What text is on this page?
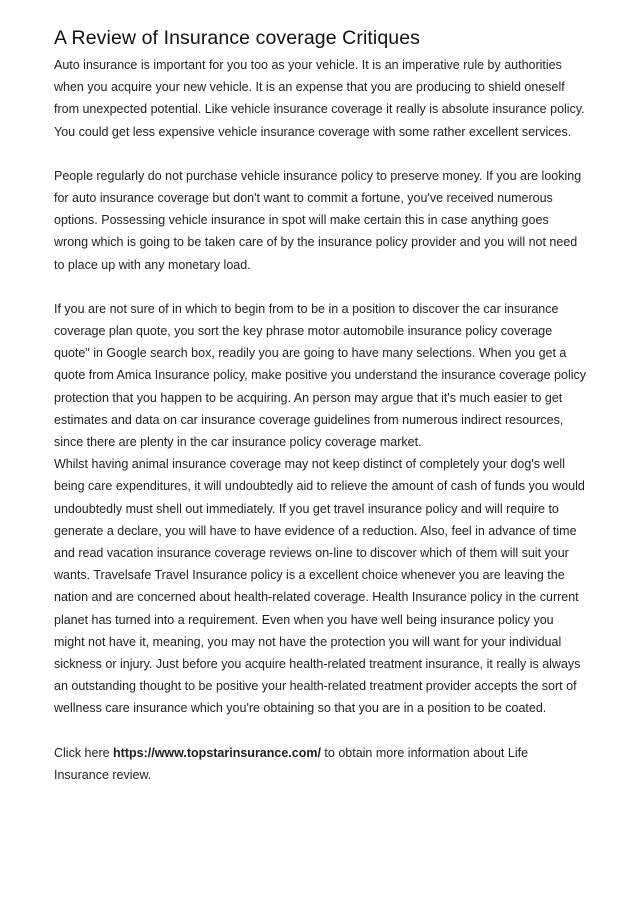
A Review of Insurance coverage Critiques

Auto insurance is important for you too as your vehicle. It is an imperative rule by authorities when you acquire your new vehicle. It is an expense that you are producing to shield oneself from unexpected potential. Like vehicle insurance coverage it really is absolute insurance policy. You could get less expensive vehicle insurance coverage with some rather excellent services.

People regularly do not purchase vehicle insurance policy to preserve money. If you are looking for auto insurance coverage but don't want to commit a fortune, you've received numerous options. Possessing vehicle insurance in spot will make certain this in case anything goes wrong which is going to be taken care of by the insurance policy provider and you will not need to place up with any monetary load.

If you are not sure of in which to begin from to be in a position to discover the car insurance coverage plan quote, you sort the key phrase motor automobile insurance policy coverage quote" in Google search box, readily you are going to have many selections. When you get a quote from Amica Insurance policy, make positive you understand the insurance coverage policy protection that you happen to be acquiring. An person may argue that it's much easier to get estimates and data on car insurance coverage guidelines from numerous indirect resources, since there are plenty in the car insurance policy coverage market.

Whilst having animal insurance coverage may not keep distinct of completely your dog's well being care expenditures, it will undoubtedly aid to relieve the amount of cash of funds you would undoubtedly must shell out immediately. If you get travel insurance policy and will require to generate a declare, you will have to have evidence of a reduction. Also, feel in advance of time and read vacation insurance coverage reviews on-line to discover which of them will suit your wants. Travelsafe Travel Insurance policy is a excellent choice whenever you are leaving the nation and are concerned about health-related coverage. Health Insurance policy in the current planet has turned into a requirement. Even when you have well being insurance policy you might not have it, meaning, you may not have the protection you will want for your individual sickness or injury. Just before you acquire health-related treatment insurance, it really is always an outstanding thought to be positive your health-related treatment provider accepts the sort of wellness care insurance which you're obtaining so that you are in a position to be coated.

Click here https://www.topstarinsurance.com/ to obtain more information about Life Insurance review.
